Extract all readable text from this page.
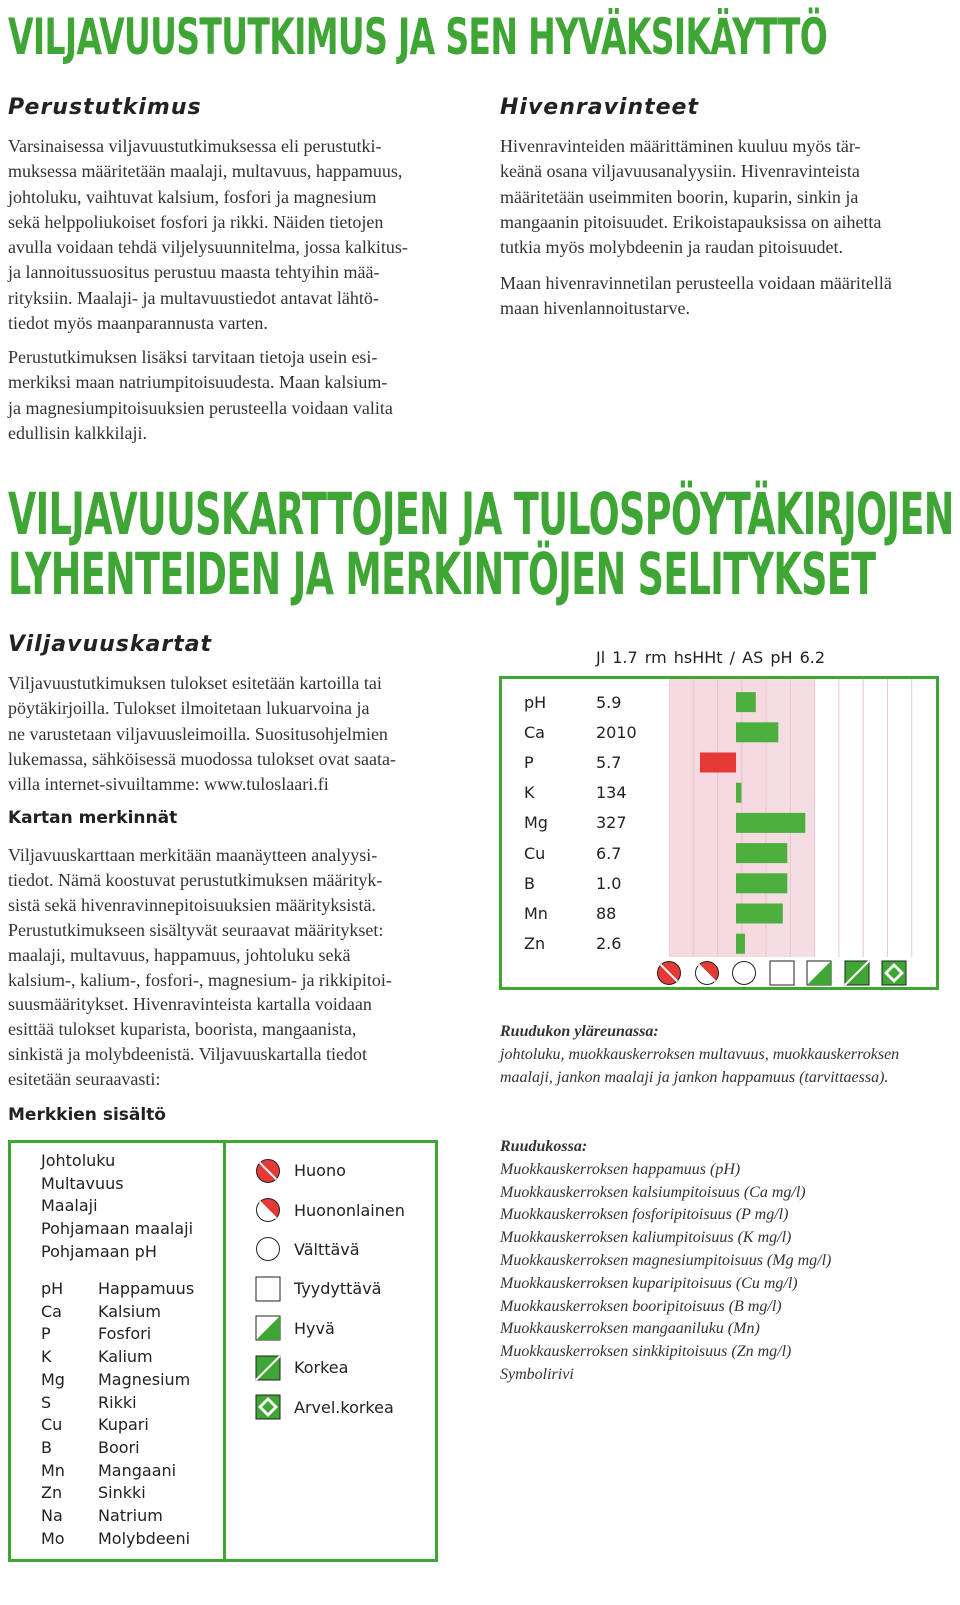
VILJAVUUSTUTKIMUS JA SEN HYVÄKSIKÄYTTÖ
Perustutkimus

Varsinaisessa viljavuustutkimuksessa eli perustutki-

muksessa määritetään maalaji, multavuus, happamuus,

johtoluku, vaihtuvat kalsium, fosfori ja magnesium

sekä helppoliukoiset fosfori ja rikki. Näiden tietojen

avulla voidaan tehdä viljelysuunnitelma, jossa kalkitus-

ja lannoitussuositus perustuu maasta tehtyihin mää-

rityksiin. Maalaji- ja multavuustiedot antavat lähtö-

tiedot myös maanparannusta varten.

Perustutkimuksen lisäksi tarvitaan tietoja usein esi-

merkiksi maan natriumpitoisuudesta. Maan kalsium-

ja magnesiumpitoisuuksien perusteella voidaan valita

edullisin kalkkilaji.

Hivenravinteet

Hivenravinteiden määrittäminen kuuluu myös tär-

keänä osana viljavuusanalyysiin. Hivenravinteista

määritetään useimmiten boorin, kuparin, sinkin ja

mangaanin pitoisuudet. Erikoistapauksissa on aihetta

tutkia myös molybdeenin ja raudan pitoisuudet.

Maan hivenravinnetilan perusteella voidaan määritellä

maan hivenlannoitustarve.

VILJAVUUSKARTTOJEN JA TULOSPÖYTÄKIRJOJEN
LYHENTEIDEN JA MERKINTÖJEN SELITYKSET
Viljavuuskartat

Viljavuustutkimuksen tulokset esitetään kartoilla tai

pöytäkirjoilla. Tulokset ilmoitetaan lukuarvoina ja

ne varustetaan viljavuusleimoilla. Suositusohjelmien

lukemassa, sähköisessä muodossa tulokset ovat saata-

villa internet-sivuiltamme: www.tuloslaari.fi

Kartan merkinnät

Viljavuuskarttaan merkitään maanäytteen analyysi-

tiedot. Nämä koostuvat perustutkimuksen määrityk-

sistä sekä hivenravinnepitoisuuksien määrityksistä.

Perustutkimukseen sisältyvät seuraavat määritykset:

maalaji, multavuus, happamuus, johtoluku sekä

kalsium-, kalium-, fosfori-, magnesium- ja rikkipitoi-

suusmääritykset. Hivenravinteista kartalla voidaan

esittää tulokset kuparista, boorista, mangaanista,

sinkistä ja molybdeenistä. Viljavuuskartalla tiedot

esitetään seuraavasti:

Merkkien sisältö
Johtoluku
Multavuus
Maalaji
Pohjamaan maalaji
Pohjamaan pH
pH	Happamuus
Ca	Kalsium
P	Fosfori
K	Kalium
Mg	Magnesium
S	Rikki
Cu	Kupari
B	Boori
Mn	Mangaani
Zn	Sinkki
Na	Natrium
Mo	Molybdeeni
Huono
Huononlainen
Välttävä
Tyydyttävä
Hyvä
Korkea
Arvel.korkea
Jl 1.7 rm hsHHt / AS pH 6.2
pH	5.9
Ca	2010
P	5.7
K	134
Mg	327
Cu	6.7
B	1.0
Mn	88
Zn	2.6
Ruudukon yläreunassa:
johtoluku, muokkauskerroksen multavuus, muokkauskerroksen
maalaji, jankon maalaji ja jankon happamuus (tarvittaessa).
Ruudukossa:
Muokkauskerroksen happamuus (pH)
Muokkauskerroksen kalsiumpitoisuus (Ca mg/l)
Muokkauskerroksen fosforipitoisuus (P mg/l)
Muokkauskerroksen kaliumpitoisuus (K mg/l)
Muokkauskerroksen magnesiumpitoisuus (Mg mg/l)
Muokkauskerroksen kuparipitoisuus (Cu mg/l)
Muokkauskerroksen booripitoisuus (B mg/l)
Muokkauskerroksen mangaaniluku (Mn)
Muokkauskerroksen sinkkipitoisuus (Zn mg/l)
Symbolirivi
